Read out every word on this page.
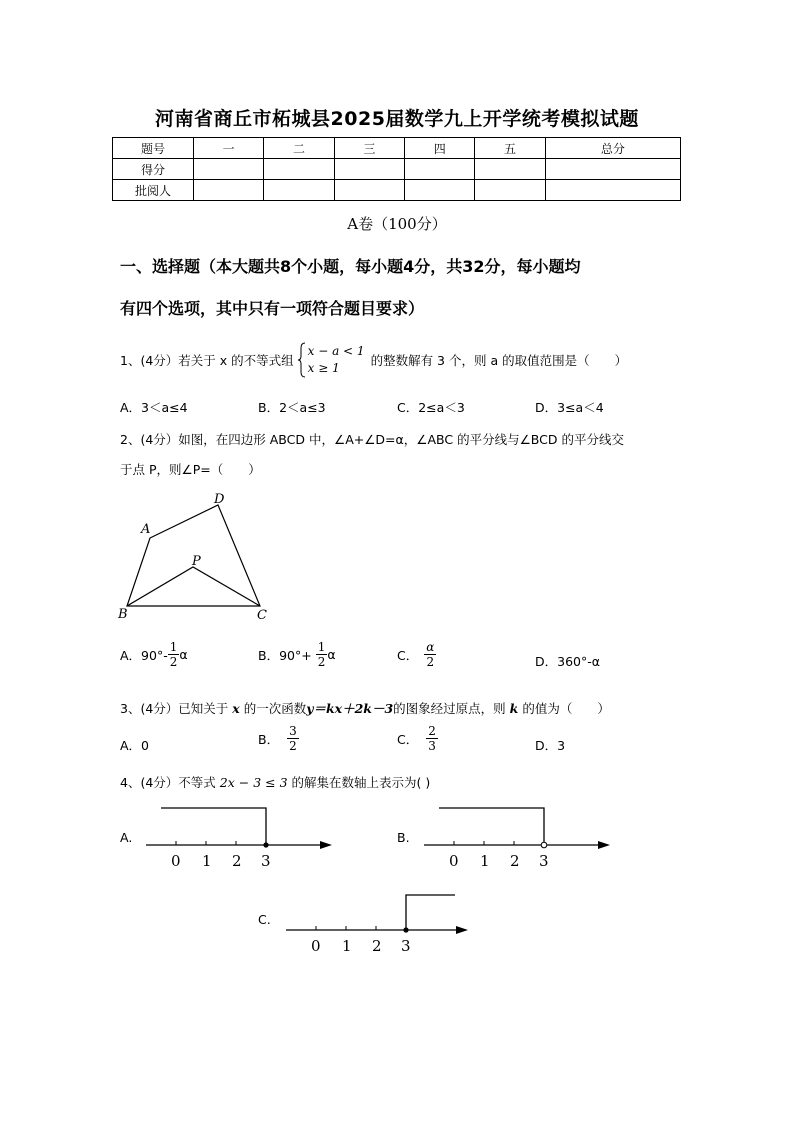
河南省商丘市柘城县2025届数学九上开学统考模拟试题
题号	一	二	三	四	五	总分
得分						
批阅人						
A卷（100分）
一、选择题（本大题共8个小题，每小题4分，共32分，每小题均
有四个选项，其中只有一项符合题目要求）
1、(4分）若关于 x 的不等式组
x − a < 1
x ≥ 1	的整数解有 3 个，则 a 的取值范围是（　　）
A．3＜a≤4	B．2＜a≤3	C．2≤a＜3	D．3≤a＜4
2、(4分）如图，在四边形 ABCD 中，∠A+∠D=α，∠ABC 的平分线与∠BCD 的平分线交
于点 P，则∠P=（　　）
A
D
P
B	C
A．$90^\circ- \frac{1}{2}$ α	B．$90^\circ+ \frac{1}{2}$ α	C． $\frac{\alpha}{2}$	D．360°-α
3、(4分）已知关于 x 的一次函数y＝kx＋2k－3的图象经过原点，则 k 的值为（　　）
A．0	B． $\frac{3}{2}$	C． $\frac{2}{3}$	D．3
4、(4分）不等式 2x − 3 ≤ 3 的解集在数轴上表示为( )
A.
0 1 2 3
B.
0 1 2 3
C.
0 1 2 3
